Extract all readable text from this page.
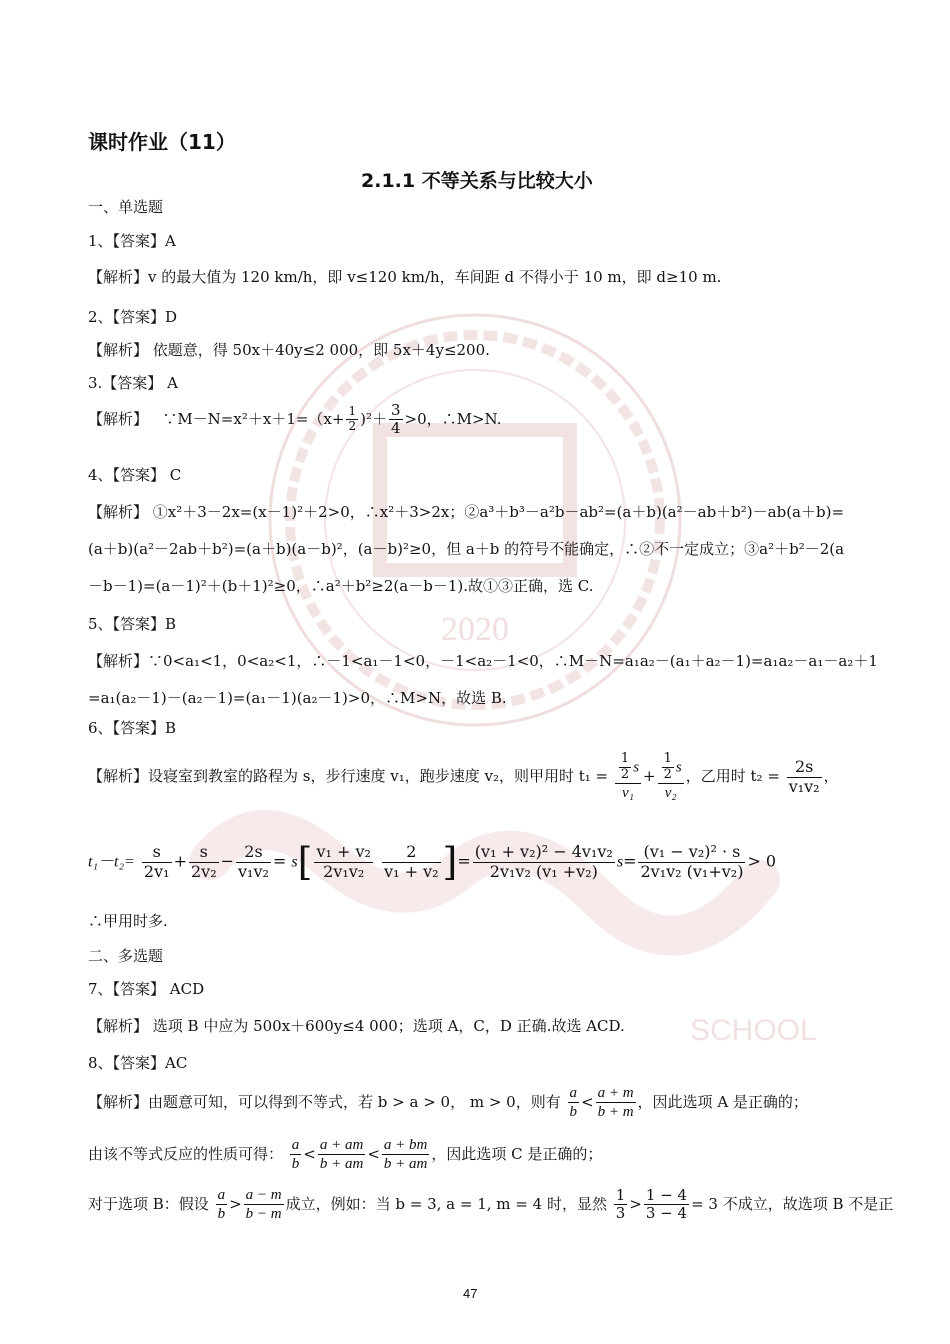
2020
SCHOOL
课时作业（11）
2.1.1 不等关系与比较大小
一、单选题
1、【答案】A
【解析】v 的最大值为 120 km/h，即 v≤120 km/h，车间距 d 不得小于 10 m，即 d≥10 m.
2、【答案】D
【解析】 依题意，得 50x＋40y≤2 000，即 5x＋4y≤200.
3.【答案】 A
【解析】 ∵M－N=x²＋x＋1=（x+ $\frac{1}{2} )^2+ \frac{3}{4} >0$，∴M>N.
4、【答案】 C
【解析】 ①x²＋3－2x=(x－1)²＋2>0，∴x²＋3>2x；②a³＋b³－a²b－ab²=(a＋b)(a²－ab＋b²)－ab(a＋b)=
(a＋b)(a²－2ab＋b²)=(a＋b)(a－b)²，(a－b)²≥0，但 a＋b 的符号不能确定，∴②不一定成立；③a²＋b²－2(a
－b－1)=(a－1)²＋(b＋1)²≥0，∴a²＋b²≥2(a－b－1).故①③正确，选 C.
5、【答案】B
【解析】∵0<a₁<1，0<a₂<1，∴－1<a₁－1<0，－1<a₂－1<0，∴M－N=a₁a₂－(a₁＋a₂－1)=a₁a₂－a₁－a₂＋1
=a₁(a₂－1)－(a₂－1)=(a₁－1)(a₂－1)>0，∴M>N，故选 B.
6、【答案】B
【解析】设寝室到教室的路程为 s，步行速度 v₁，跑步速度 v₂，则甲用时 $t_1 = \frac{\frac{1}{2} s}{\text{v₁}} + \frac{\frac{1}{2} s}{\text{v₂}}$ ，乙用时 $t_2 = \frac{2s}{\text{v₁v₂}}$ ，
$t_1-t_2= \frac{s}{\text{2v₁}} + \frac{s}{\text{2v₂}} - \frac{2s}{\text{v₁v₂}} = s[ \frac{\text{v₁ + v₂}}{\text{2v₁v₂}}$
$\frac{2}{\text{v₁ + v₂}}$ ]= $\frac{\text{(v₁ + v₂)² − 4v₁v₂}}{\text{2v₁v₂ (v₁ +v₂)}} s= \frac{\text{(v₁ − v₂)² · s}}{\text{2v₁v₂ (v₁+v₂)}} > 0$
∴甲用时多.
二、多选题
7、【答案】 ACD
【解析】 选项 B 中应为 500x＋600y≤4 000；选项 A，C，D 正确.故选 ACD.
8、【答案】AC
【解析】由题意可知，可以得到不等式，若 b > a > 0， m > 0，则有 $\frac{a}{b} < \frac{a + m}{b + m}$ ，因此选项 A 是正确的；
由该不等式反应的性质可得： $\frac{a}{b} < \frac{a + am}{b + am} < \frac{a + bm}{b + am}$ ，因此选项 C 是正确的；
对于选项 B：假设 $\frac{a}{b} > \frac{a - m}{b - m}$ 成立，例如：当 b = 3, a = 1, m = 4 时，显然 $\frac{1}{3} > \frac{1 - 4}{3 - 4} = 3$ 不成立，故选项 B 不是正
47
